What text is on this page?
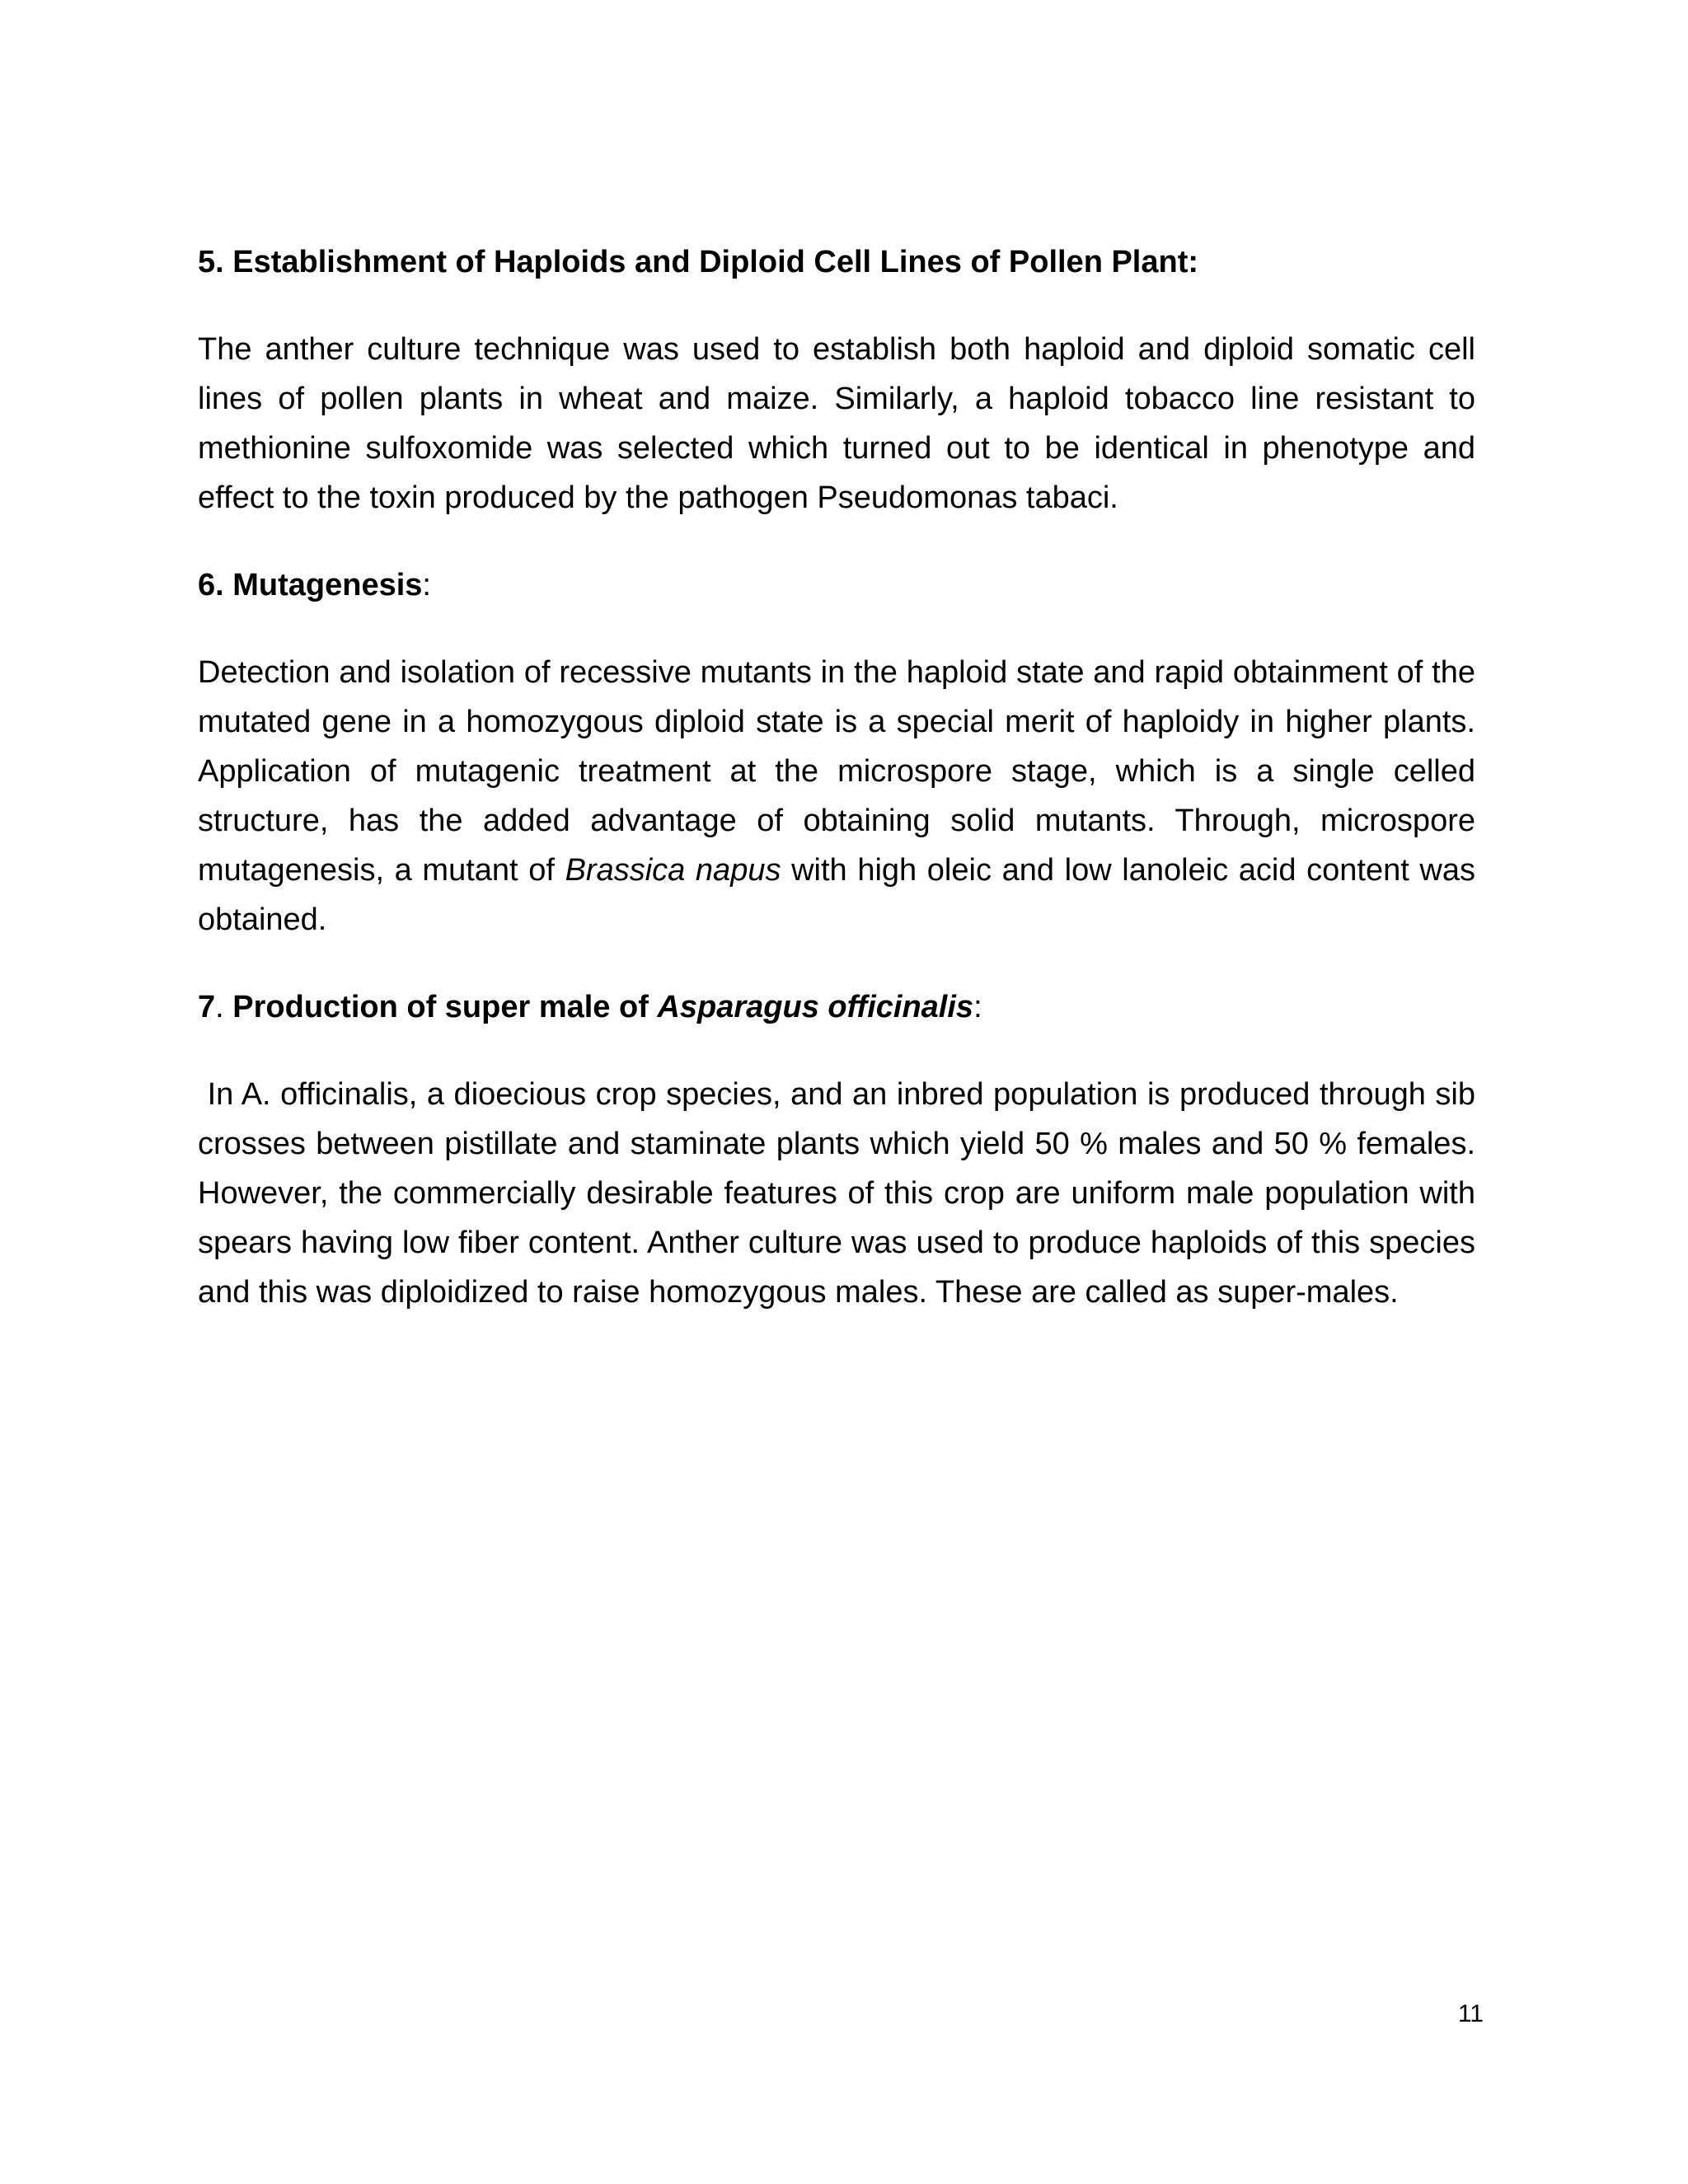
5. Establishment of Haploids and Diploid Cell Lines of Pollen Plant:

The anther culture technique was used to establish both haploid and diploid somatic cell lines of pollen plants in wheat and maize. Similarly, a haploid tobacco line resistant to methionine sulfoxomide was selected which turned out to be identical in phenotype and effect to the toxin produced by the pathogen Pseudomonas tabaci.

6. Mutagenesis:

Detection and isolation of recessive mutants in the haploid state and rapid obtainment of the mutated gene in a homozygous diploid state is a special merit of haploidy in higher plants. Application of mutagenic treatment at the microspore stage, which is a single celled structure, has the added advantage of obtaining solid mutants. Through, microspore mutagenesis, a mutant of Brassica napus with high oleic and low lanoleic acid content was obtained.

7. Production of super male of Asparagus officinalis:

In A. officinalis, a dioecious crop species, and an inbred population is produced through sib crosses between pistillate and staminate plants which yield 50 % males and 50 % females. However, the commercially desirable features of this crop are uniform male population with spears having low fiber content. Anther culture was used to produce haploids of this species and this was diploidized to raise homozygous males. These are called as super-males.

11
